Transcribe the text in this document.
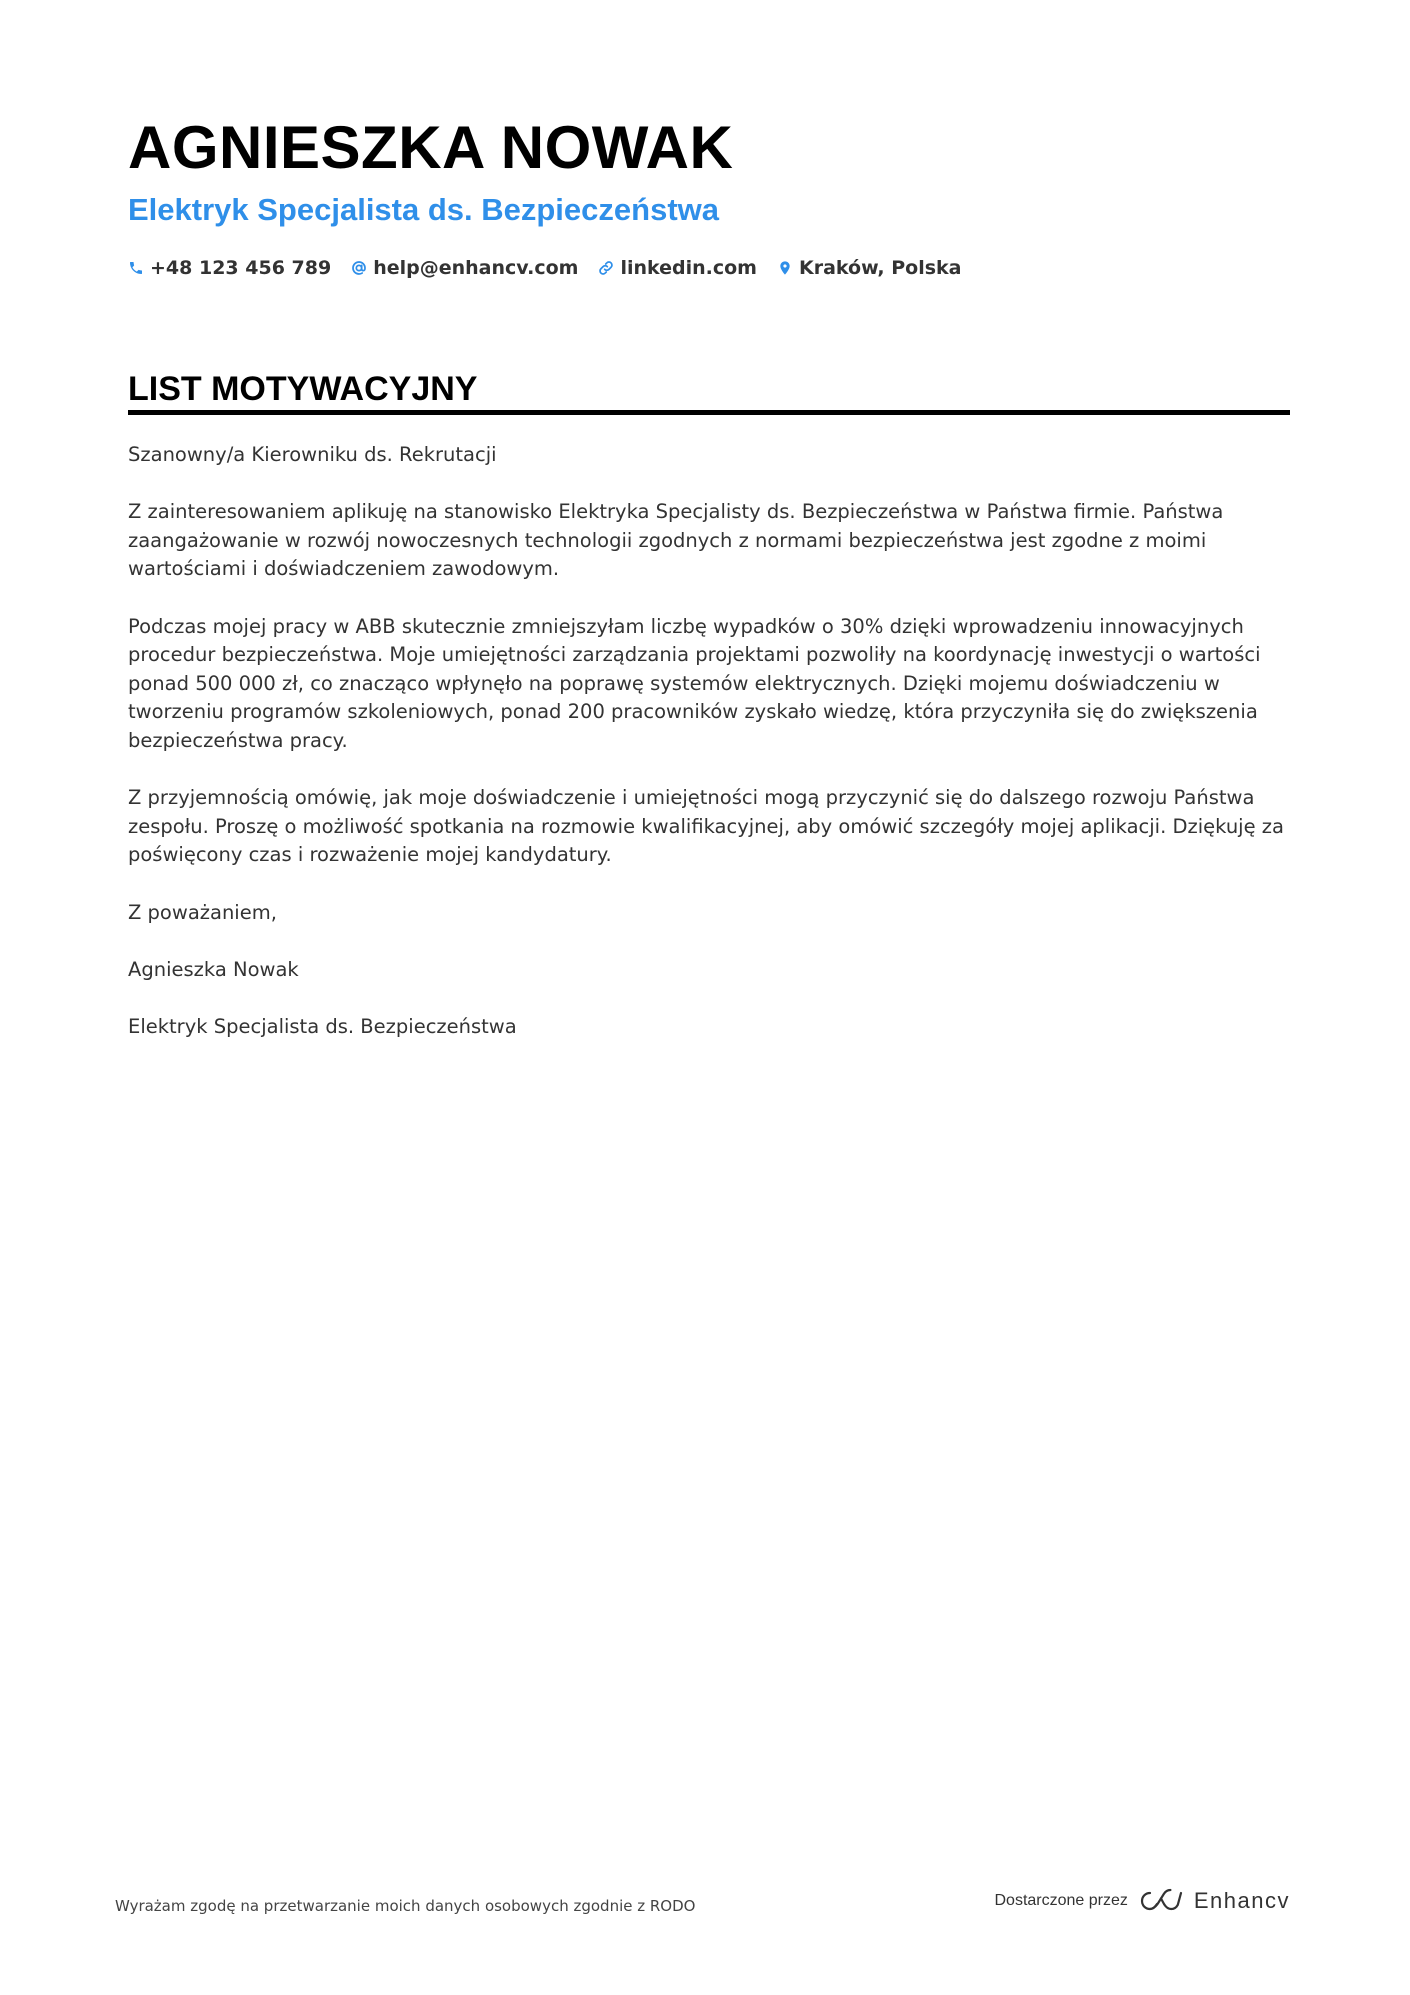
AGNIESZKA NOWAK
Elektryk Specjalista ds. Bezpieczeństwa
+48 123 456 789 help@enhancv.com linkedin.com Kraków, Polska
LIST MOTYWACYJNY

Szanowny/a Kierowniku ds. Rekrutacji

Z zainteresowaniem aplikuję na stanowisko Elektryka Specjalisty ds. Bezpieczeństwa w Państwa firmie. Państwa zaangażowanie w rozwój nowoczesnych technologii zgodnych z normami bezpieczeństwa jest zgodne z moimi wartościami i doświadczeniem zawodowym.

Podczas mojej pracy w ABB skutecznie zmniejszyłam liczbę wypadków o 30% dzięki wprowadzeniu innowacyjnych procedur bezpieczeństwa. Moje umiejętności zarządzania projektami pozwoliły na koordynację inwestycji o wartości ponad 500 000 zł, co znacząco wpłynęło na poprawę systemów elektrycznych. Dzięki mojemu doświadczeniu w tworzeniu programów szkoleniowych, ponad 200 pracowników zyskało wiedzę, która przyczyniła się do zwiększenia bezpieczeństwa pracy.

Z przyjemnością omówię, jak moje doświadczenie i umiejętności mogą przyczynić się do dalszego rozwoju Państwa zespołu. Proszę o możliwość spotkania na rozmowie kwalifikacyjnej, aby omówić szczegóły mojej aplikacji. Dziękuję za poświęcony czas i rozważenie mojej kandydatury.

Z poważaniem,

Agnieszka Nowak

Elektryk Specjalista ds. Bezpieczeństwa

Wyrażam zgodę na przetwarzanie moich danych osobowych zgodnie z RODO	Dostarczone przez	Enhancv
